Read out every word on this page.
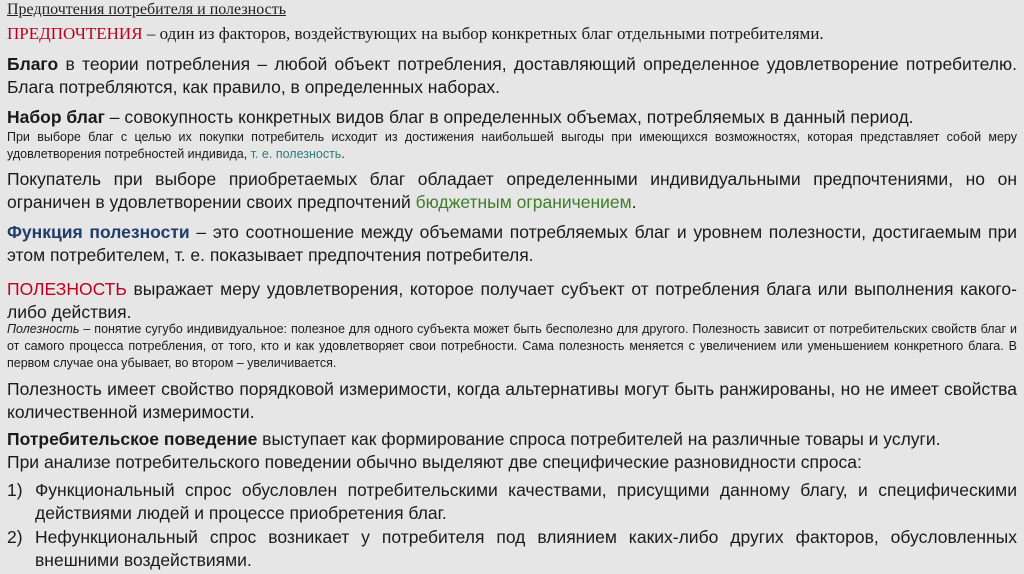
Предпочтения потребителя и полезность
ПРЕДПОЧТЕНИЯ – один из факторов, воздействующих на выбор конкретных благ отдельными потребителями.
Благо в теории потребления – любой объект потребления, доставляющий определенное удовлетворение потребителю. Блага потребляются, как правило, в определенных наборах.
Набор благ – совокупность конкретных видов благ в определенных объемах, потребляемых в данный период.
При выборе благ с целью их покупки потребитель исходит из достижения наибольшей выгоды при имеющихся возможностях, которая представляет собой меру удовлетворения потребностей индивида, т. е. полезность.
Покупатель при выборе приобретаемых благ обладает определенными индивидуальными предпочтениями, но он ограничен в удовлетворении своих предпочтений бюджетным ограничением.
Функция полезности – это соотношение между объемами потребляемых благ и уровнем полезности, достигаемым при этом потребителем, т. е. показывает предпочтения потребителя.
ПОЛЕЗНОСТЬ выражает меру удовлетворения, которое получает субъект от потребления блага или выполнения какого-либо действия.
Полезность – понятие сугубо индивидуальное: полезное для одного субъекта может быть бесполезно для другого. Полезность зависит от потребительских свойств благ и от самого процесса потребления, от того, кто и как удовлетворяет свои потребности. Сама полезность меняется с увеличением или уменьшением конкретного блага. В первом случае она убывает, во втором – увеличивается.
Полезность имеет свойство порядковой измеримости, когда альтернативы могут быть ранжированы, но не имеет свойства количественной измеримости.
Потребительское поведение выступает как формирование спроса потребителей на различные товары и услуги.
При анализе потребительского поведении обычно выделяют две специфические разновидности спроса:
1) Функциональный спрос обусловлен потребительскими качествами, присущими данному благу, и специфическими действиями людей и процессе приобретения благ.
2) Нефункциональный спрос возникает у потребителя под влиянием каких-либо других факторов, обусловленных внешними воздействиями.
